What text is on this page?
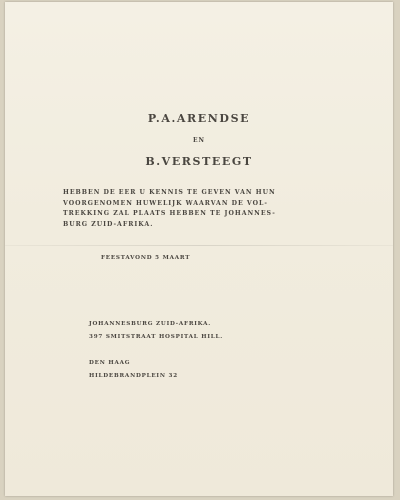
P.A.ARENDSE
EN
B.VERSTEEGT
HEBBEN DE EER U KENNIS TE GEVEN VAN HUN
VOORGENOMEN HUWELIJK WAARVAN DE VOL-
TREKKING ZAL PLAATS HEBBEN TE JOHANNES-
BURG ZUID-AFRIKA.
FEESTAVOND 5 MAART
JOHANNESBURG ZUID-AFRIKA.
397 SMITSTRAAT HOSPITAL HILL.
DEN HAAG
HILDEBRANDPLEIN 32
